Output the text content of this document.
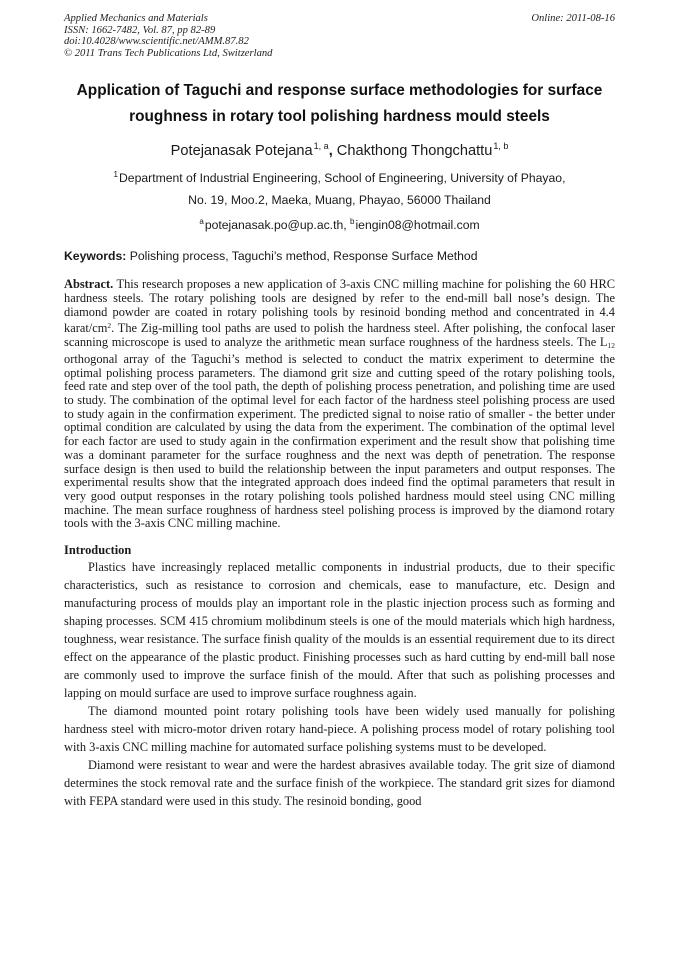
Applied Mechanics and Materials
ISSN: 1662-7482, Vol. 87, pp 82-89
doi:10.4028/www.scientific.net/AMM.87.82
© 2011 Trans Tech Publications Ltd, Switzerland
Online: 2011-08-16
Application of Taguchi and response surface methodologies for surface
roughness in rotary tool polishing hardness mould steels
Potejanasak Potejana$^{1, a}$, Chakthong Thongchattu$^{1, b}$
$^1$Department of Industrial Engineering, School of Engineering, University of Phayao,
No. 19, Moo.2, Maeka, Muang, Phayao, 56000 Thailand
$^a$potejanasak.po@up.ac.th, $^b$iengin08@hotmail.com
Keywords: Polishing process, Taguchi’s method, Response Surface Method
Abstract. This research proposes a new application of 3-axis CNC milling machine for polishing the 60 HRC hardness steels. The rotary polishing tools are designed by refer to the end-mill ball nose’s design. The diamond powder are coated in rotary polishing tools by resinoid bonding method and concentrated in 4.4 karat/$cm^2$. The Zig-milling tool paths are used to polish the hardness steel. After polishing, the confocal laser scanning microscope is used to analyze the arithmetic mean surface roughness of the hardness steels. The $L_{12}$ orthogonal array of the Taguchi’s method is selected to conduct the matrix experiment to determine the optimal polishing process parameters. The diamond grit size and cutting speed of the rotary polishing tools, feed rate and step over of the tool path, the depth of polishing process penetration, and polishing time are used to study. The combination of the optimal level for each factor of the hardness steel polishing process are used to study again in the confirmation experiment. The predicted signal to noise ratio of smaller - the better under optimal condition are calculated by using the data from the experiment. The combination of the optimal level for each factor are used to study again in the confirmation experiment and the result show that polishing time was a dominant parameter for the surface roughness and the next was depth of penetration. The response surface design is then used to build the relationship between the input parameters and output responses. The experimental results show that the integrated approach does indeed find the optimal parameters that result in very good output responses in the rotary polishing tools polished hardness mould steel using CNC milling machine. The mean surface roughness of hardness steel polishing process is improved by the diamond rotary tools with the 3-axis CNC milling machine.
Introduction

Plastics have increasingly replaced metallic components in industrial products, due to their specific characteristics, such as resistance to corrosion and chemicals, ease to manufacture, etc. Design and manufacturing process of moulds play an important role in the plastic injection process such as forming and shaping processes. SCM 415 chromium molibdinum steels is one of the mould materials which high hardness, toughness, wear resistance. The surface finish quality of the moulds is an essential requirement due to its direct effect on the appearance of the plastic product. Finishing processes such as hard cutting by end-mill ball nose are commonly used to improve the surface finish of the mould. After that such as polishing processes and lapping on mould surface are used to improve surface roughness again.

The diamond mounted point rotary polishing tools have been widely used manually for polishing hardness steel with micro-motor driven rotary hand-piece. A polishing process model of rotary polishing tool with 3-axis CNC milling machine for automated surface polishing systems must to be developed.

Diamond were resistant to wear and were the hardest abrasives available today. The grit size of diamond determines the stock removal rate and the surface finish of the workpiece. The standard grit sizes for diamond with FEPA standard were used in this study. The resinoid bonding, good
